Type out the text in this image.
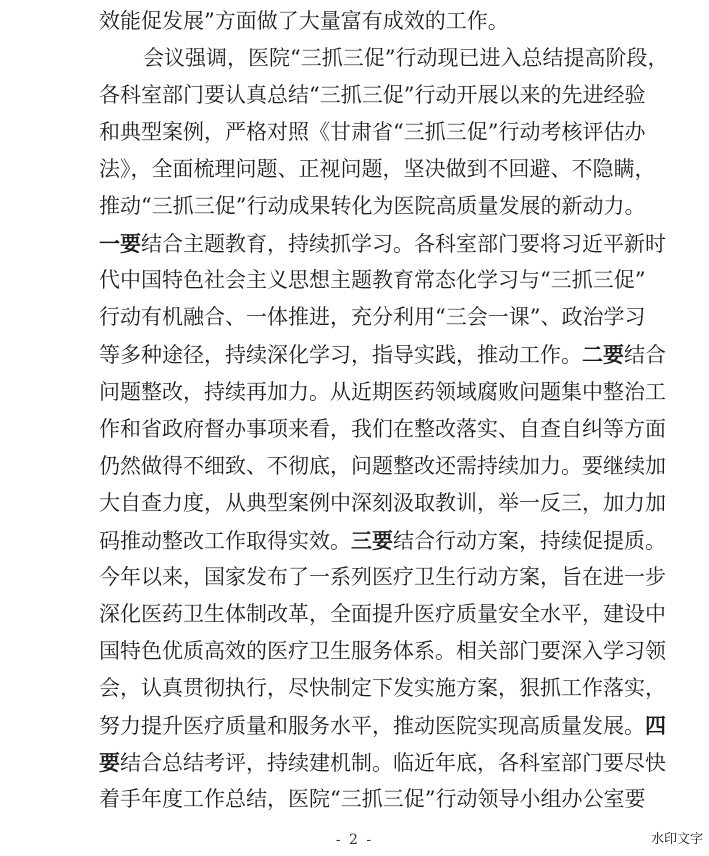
效能促发展”方面做了大量富有成效的工作。
会议强调，医院“三抓三促”行动现已进入总结提高阶段，
各科室部门要认真总结“三抓三促”行动开展以来的先进经验
和典型案例，严格对照《甘肃省“三抓三促”行动考核评估办
法》，全面梳理问题、正视问题，坚决做到不回避、不隐瞒，
推动“三抓三促”行动成果转化为医院高质量发展的新动力。
一要结合主题教育，持续抓学习。各科室部门要将习近平新时
代中国特色社会主义思想主题教育常态化学习与“三抓三促”
行动有机融合、一体推进，充分利用“三会一课”、政治学习
等多种途径，持续深化学习，指导实践，推动工作。二要结合
问题整改，持续再加力。从近期医药领域腐败问题集中整治工
作和省政府督办事项来看，我们在整改落实、自查自纠等方面
仍然做得不细致、不彻底，问题整改还需持续加力。要继续加
大自查力度，从典型案例中深刻汲取教训，举一反三，加力加
码推动整改工作取得实效。三要结合行动方案，持续促提质。
今年以来，国家发布了一系列医疗卫生行动方案，旨在进一步
深化医药卫生体制改革，全面提升医疗质量安全水平，建设中
国特色优质高效的医疗卫生服务体系。相关部门要深入学习领
会，认真贯彻执行，尽快制定下发实施方案，狠抓工作落实，
努力提升医疗质量和服务水平，推动医院实现高质量发展。四
要结合总结考评，持续建机制。临近年底，各科室部门要尽快
着手年度工作总结，医院“三抓三促”行动领导小组办公室要
- 2 -	水印文字
